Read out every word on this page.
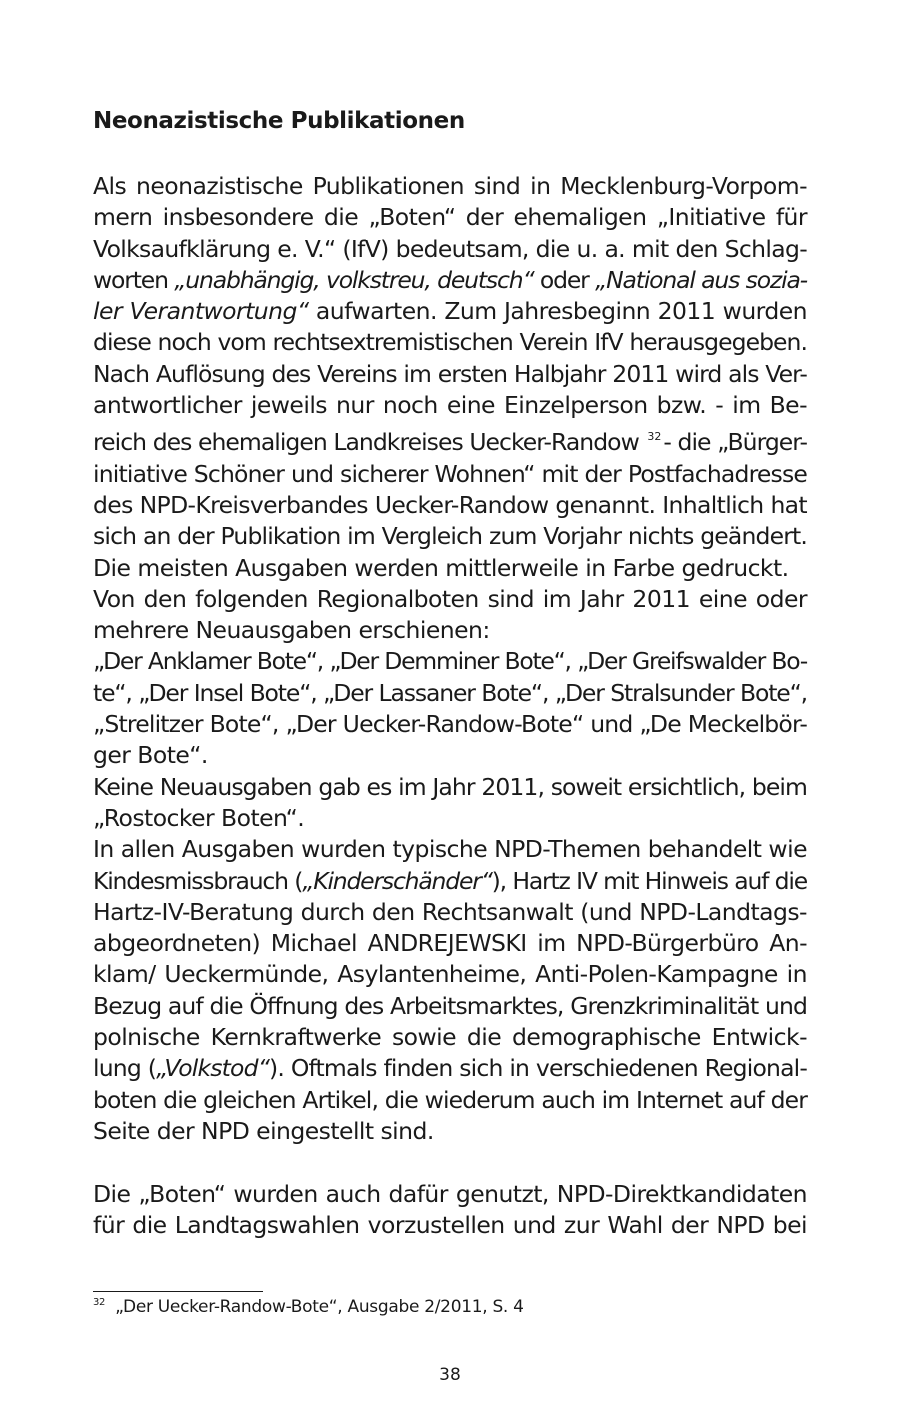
Neonazistische Publikationen
Als neonazistische Publikationen sind in Mecklenburg-Vorpom-
mern insbesondere die „Boten“ der ehemaligen „Initiative für
Volksaufklärung e. V.“ (IfV) bedeutsam, die u. a. mit den Schlag-
worten „unabhängig, volkstreu, deutsch“ oder „National aus sozia-
ler Verantwortung“ aufwarten. Zum Jahresbeginn 2011 wurden
diese noch vom rechtsextremistischen Verein IfV herausgegeben.
Nach Auflösung des Vereins im ersten Halbjahr 2011 wird als Ver-
antwortlicher jeweils nur noch eine Einzelperson bzw. - im Be-
reich des ehemaligen Landkreises Uecker-Randow $^{32}$- die „Bürger-
initiative Schöner und sicherer Wohnen“ mit der Postfachadresse
des NPD-Kreisverbandes Uecker-Randow genannt. Inhaltlich hat
sich an der Publikation im Vergleich zum Vorjahr nichts geändert.
Die meisten Ausgaben werden mittlerweile in Farbe gedruckt.
Von den folgenden Regionalboten sind im Jahr 2011 eine oder
mehrere Neuausgaben erschienen:
„Der Anklamer Bote“, „Der Demminer Bote“, „Der Greifswalder Bo-
te“, „Der Insel Bote“, „Der Lassaner Bote“, „Der Stralsunder Bote“,
„Strelitzer Bote“, „Der Uecker-Randow-Bote“ und „De Meckelbör-
ger Bote“.
Keine Neuausgaben gab es im Jahr 2011, soweit ersichtlich, beim
„Rostocker Boten“.
In allen Ausgaben wurden typische NPD-Themen behandelt wie
Kindesmissbrauch („Kinderschänder“), Hartz IV mit Hinweis auf die
Hartz-IV-Beratung durch den Rechtsanwalt (und NPD-Landtags-
abgeordneten) Michael ANDREJEWSKI im NPD-Bürgerbüro An-
klam/ Ueckermünde, Asylantenheime, Anti-Polen-Kampagne in
Bezug auf die Öffnung des Arbeitsmarktes, Grenzkriminalität und
polnische Kernkraftwerke sowie die demographische Entwick-
lung („Volkstod“). Oftmals finden sich in verschiedenen Regional-
boten die gleichen Artikel, die wiederum auch im Internet auf der
Seite der NPD eingestellt sind.
Die „Boten“ wurden auch dafür genutzt, NPD-Direktkandidaten
für die Landtagswahlen vorzustellen und zur Wahl der NPD bei
$^{32}$ „Der Uecker-Randow-Bote“, Ausgabe 2/2011, S. 4
38
